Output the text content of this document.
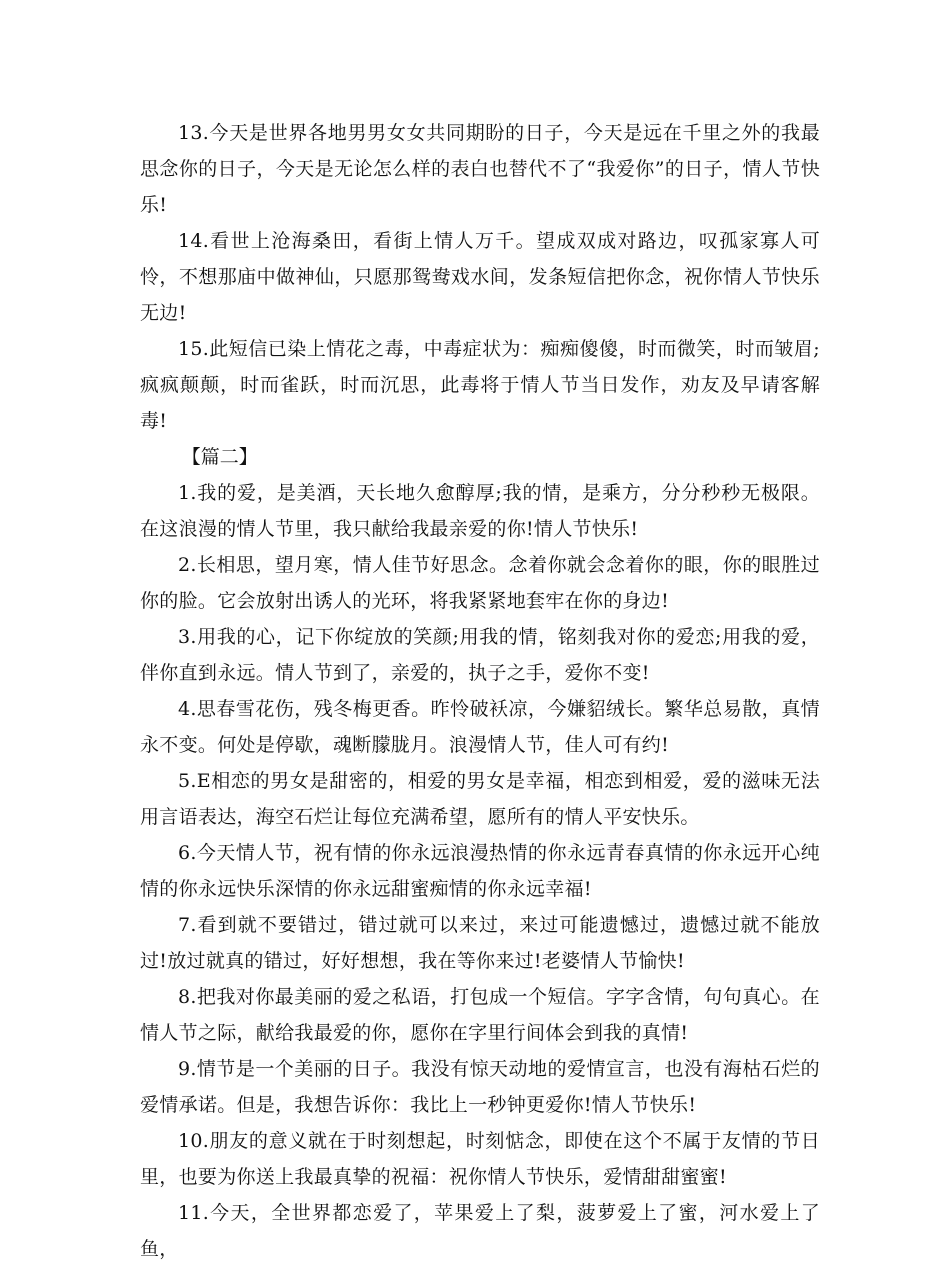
13.今天是世界各地男男女女共同期盼的日子，今天是远在千里之外的我最思念你的日子，今天是无论怎么样的表白也替代不了“我爱你”的日子，情人节快乐!

14.看世上沧海桑田，看街上情人万千。望成双成对路边，叹孤家寡人可怜，不想那庙中做神仙，只愿那鸳鸯戏水间，发条短信把你念，祝你情人节快乐无边!

15.此短信已染上情花之毒，中毒症状为：痴痴傻傻，时而微笑，时而皱眉;疯疯颠颠，时而雀跃，时而沉思，此毒将于情人节当日发作，劝友及早请客解毒!

【篇二】

1.我的爱，是美酒，天长地久愈醇厚;我的情，是乘方，分分秒秒无极限。在这浪漫的情人节里，我只献给我最亲爱的你!情人节快乐!

2.长相思，望月寒，情人佳节好思念。念着你就会念着你的眼，你的眼胜过你的脸。它会放射出诱人的光环，将我紧紧地套牢在你的身边!

3.用我的心，记下你绽放的笑颜;用我的情，铭刻我对你的爱恋;用我的爱，伴你直到永远。情人节到了，亲爱的，执子之手，爱你不变!

4.思春雪花伤，残冬梅更香。昨怜破袄凉，今嫌貂绒长。繁华总易散，真情永不变。何处是停歇，魂断朦胧月。浪漫情人节，佳人可有约!

5.E相恋的男女是甜密的，相爱的男女是幸福，相恋到相爱，爱的滋味无法用言语表达，海空石烂让每位充满希望，愿所有的情人平安快乐。

6.今天情人节，祝有情的你永远浪漫热情的你永远青春真情的你永远开心纯情的你永远快乐深情的你永远甜蜜痴情的你永远幸福!

7.看到就不要错过，错过就可以来过，来过可能遗憾过，遗憾过就不能放过!放过就真的错过，好好想想，我在等你来过!老婆情人节愉快!

8.把我对你最美丽的爱之私语，打包成一个短信。字字含情，句句真心。在情人节之际，献给我最爱的你，愿你在字里行间体会到我的真情!

9.情节是一个美丽的日子。我没有惊天动地的爱情宣言，也没有海枯石烂的爱情承诺。但是，我想告诉你：我比上一秒钟更爱你!情人节快乐!

10.朋友的意义就在于时刻想起，时刻惦念，即使在这个不属于友情的节日里，也要为你送上我最真挚的祝福：祝你情人节快乐，爱情甜甜蜜蜜!

11.今天，全世界都恋爱了，苹果爱上了梨，菠萝爱上了蜜，河水爱上了鱼，
